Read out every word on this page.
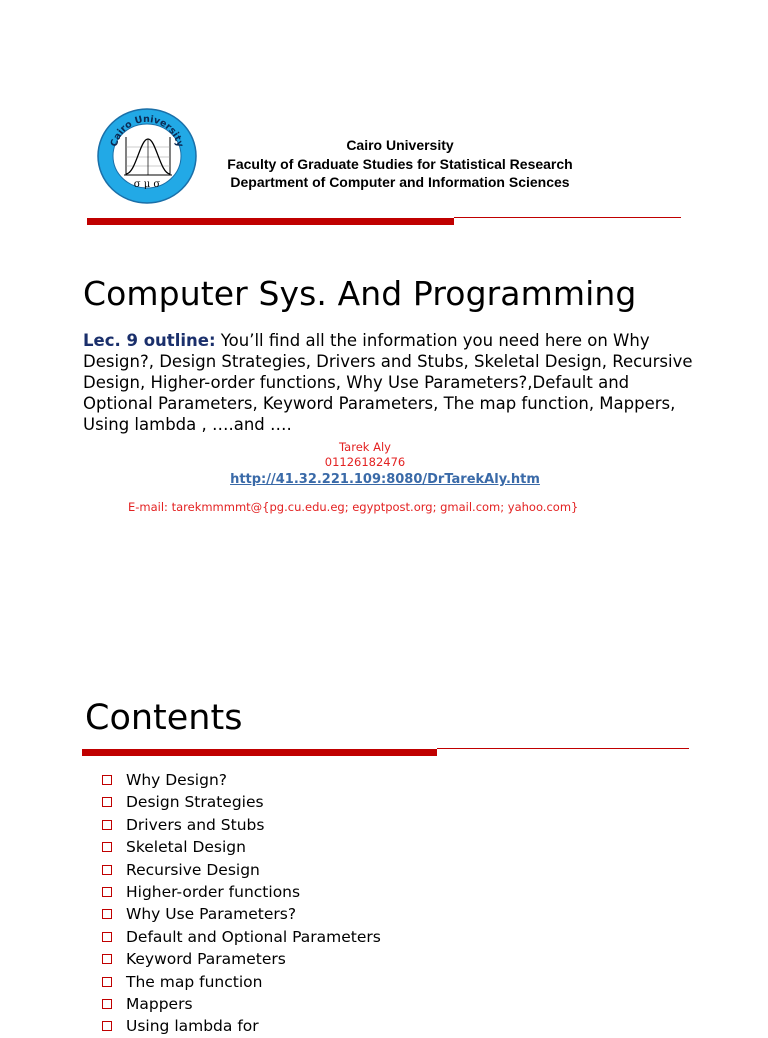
Cairo University
σ μ σ
Cairo University
Faculty of Graduate Studies for Statistical Research
Department of Computer and Information Sciences
Computer Sys. And Programming
Lec. 9 outline: You’ll find all the information you need here on Why Design?, Design Strategies, Drivers and Stubs, Skeletal Design, Recursive Design, Higher-order functions, Why Use Parameters?,Default and Optional Parameters, Keyword Parameters, The map function, Mappers, Using lambda , ….and ….
Tarek Aly
01126182476
http://41.32.221.109:8080/DrTarekAly.htm
E-mail: tarekmmmmt@{pg.cu.edu.eg; egyptpost.org; gmail.com; yahoo.com}
Contents
Why Design?
Design Strategies
Drivers and Stubs
Skeletal Design
Recursive Design
Higher-order functions
Why Use Parameters?
Default and Optional Parameters
Keyword Parameters
The map function
Mappers
Using lambda for
